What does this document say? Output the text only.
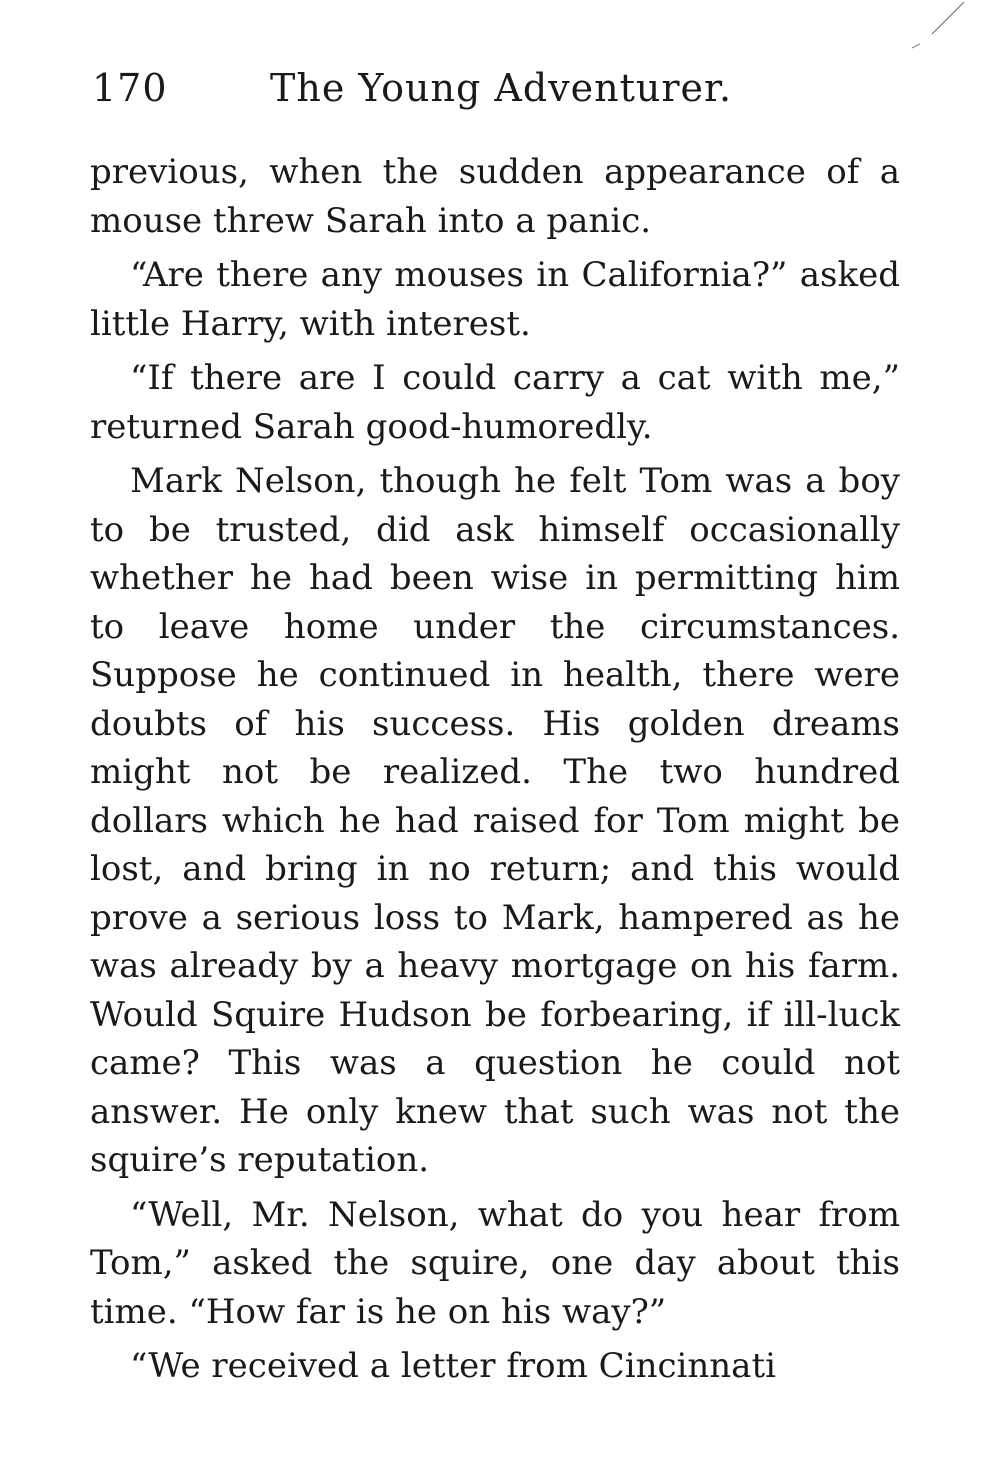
170	The Young Adventurer.

previous, when the sudden appearance of a mouse threw Sarah into a panic.

“Are there any mouses in California?” asked little Harry, with interest.

“If there are I could carry a cat with me,” returned Sarah good-humoredly.

Mark Nelson, though he felt Tom was a boy to be trusted, did ask himself occasionally whether he had been wise in permitting him to leave home under the circumstances. Suppose he continued in health, there were doubts of his success. His golden dreams might not be realized. The two hundred dollars which he had raised for Tom might be lost, and bring in no return; and this would prove a serious loss to Mark, hampered as he was already by a heavy mortgage on his farm. Would Squire Hudson be forbearing, if ill-luck came? This was a question he could not answer. He only knew that such was not the squire’s reputation.

“Well, Mr. Nelson, what do you hear from Tom,” asked the squire, one day about this time. “How far is he on his way?”

“We received a letter from Cincinnati
